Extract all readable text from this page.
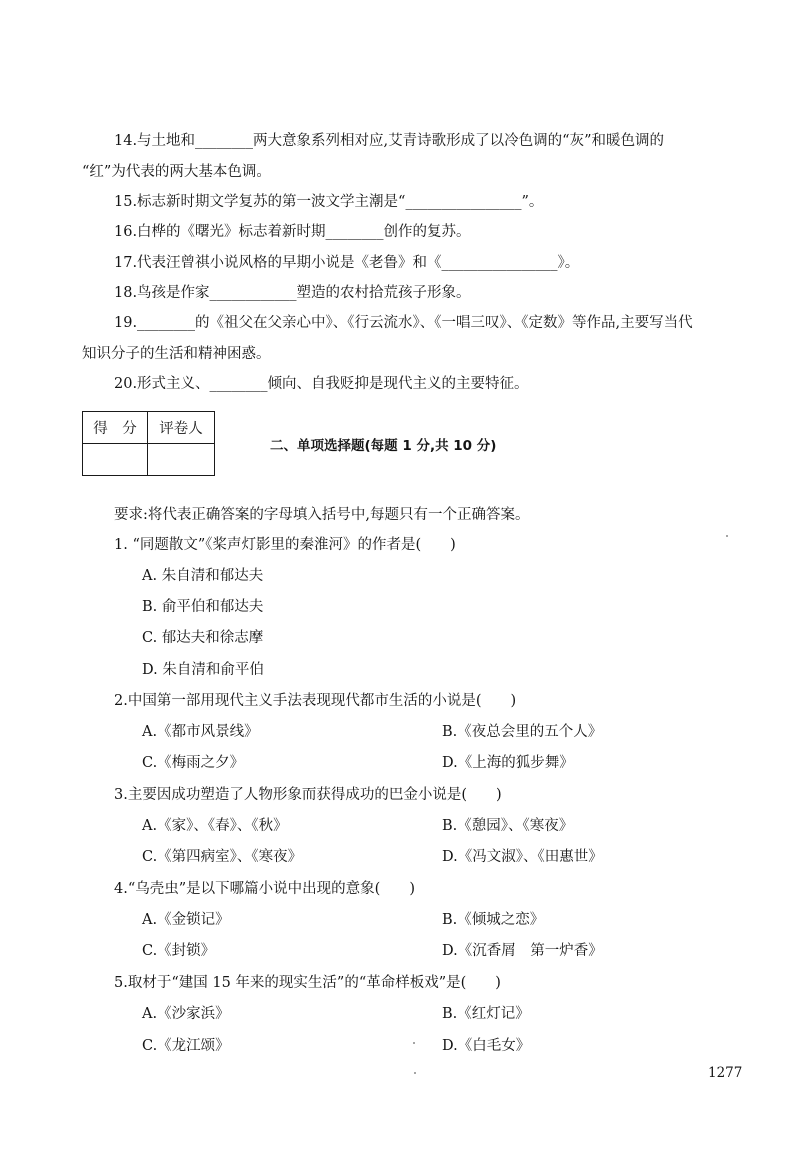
14.与土地和________两大意象系列相对应,艾青诗歌形成了以冷色调的“灰”和暖色调的
“红”为代表的两大基本色调。
15.标志新时期文学复苏的第一波文学主潮是“________________”。
16.白桦的《曙光》标志着新时期________创作的复苏。
17.代表汪曾祺小说风格的早期小说是《老鲁》和《________________》。
18.鸟孩是作家____________塑造的农村拾荒孩子形象。
19.________的《祖父在父亲心中》、《行云流水》、《一唱三叹》、《定数》等作品,主要写当代
知识分子的生活和精神困惑。
20.形式主义、________倾向、自我贬抑是现代主义的主要特征。
得　分	评卷人

二、单项选择题(每题 1 分,共 10 分)
要求:将代表正确答案的字母填入括号中,每题只有一个正确答案。
1. “同题散文”《桨声灯影里的秦淮河》的作者是(　　)
A. 朱自清和郁达夫
B. 俞平伯和郁达夫
C. 郁达夫和徐志摩
D. 朱自清和俞平伯
2.中国第一部用现代主义手法表现现代都市生活的小说是(　　)
A.《都市风景线》	B.《夜总会里的五个人》
C.《梅雨之夕》	D.《上海的狐步舞》
3.主要因成功塑造了人物形象而获得成功的巴金小说是(　　)
A.《家》、《春》、《秋》	B.《憩园》、《寒夜》
C.《第四病室》、《寒夜》	D.《冯文淑》、《田惠世》
4.“乌壳虫”是以下哪篇小说中出现的意象(　　)
A.《金锁记》	B.《倾城之恋》
C.《封锁》	D.《沉香屑　第一炉香》
5.取材于“建国 15 年来的现实生活”的“革命样板戏”是(　　)
A.《沙家浜》	B.《红灯记》
C.《龙江颂》	D.《白毛女》
1277
